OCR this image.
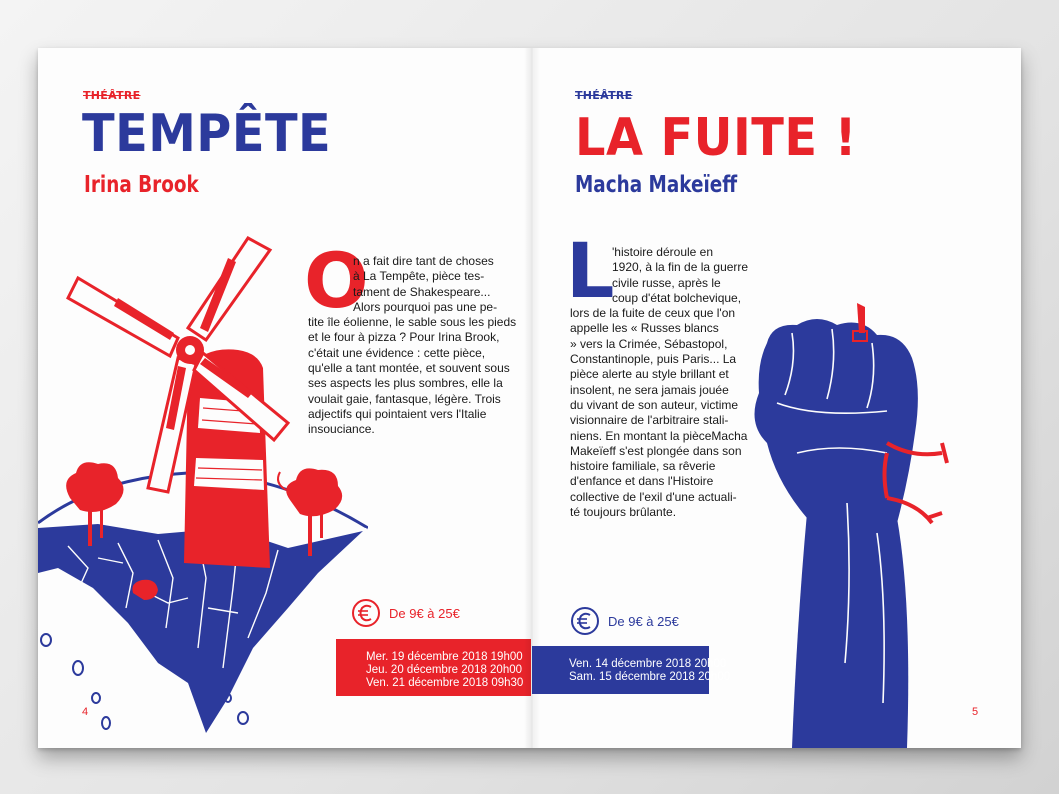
THÉÂTRE
TEMPÊTE
Irina Brook
O
n a fait dire tant de choses
à La Tempête, pièce tes-
tament de Shakespeare...
Alors pourquoi pas une pe-
tite île éolienne, le sable sous les pieds
et le four à pizza ? Pour Irina Brook,
c'était une évidence : cette pièce,
qu'elle a tant montée, et souvent sous
ses aspects les plus sombres, elle la
voulait gaie, fantasque, légère. Trois
adjectifs qui pointaient vers l'Italie
insouciance.
De 9€ à 25€
Mer. 19 décembre 2018 19h00
Jeu. 20 décembre 2018 20h00
Ven. 21 décembre 2018 09h30
4
THÉÂTRE
LA FUITE !
Macha Makeïeff
L
'histoire déroule en
1920, à la fin de la guerre
civile russe, après le
coup d'état bolchevique,
lors de la fuite de ceux que l'on
appelle les « Russes blancs
» vers la Crimée, Sébastopol,
Constantinople, puis Paris... La
pièce alerte au style brillant et
insolent, ne sera jamais jouée
du vivant de son auteur, victime
visionnaire de l'arbitraire stali-
niens. En montant la pièceMacha
Makeïeff s'est plongée dans son
histoire familiale, sa rêverie
d'enfance et dans l'Histoire
collective de l'exil d'une actuali-
té toujours brûlante.
De 9€ à 25€
Ven. 14 décembre 2018 20h00
Sam. 15 décembre 2018 20h00
5
